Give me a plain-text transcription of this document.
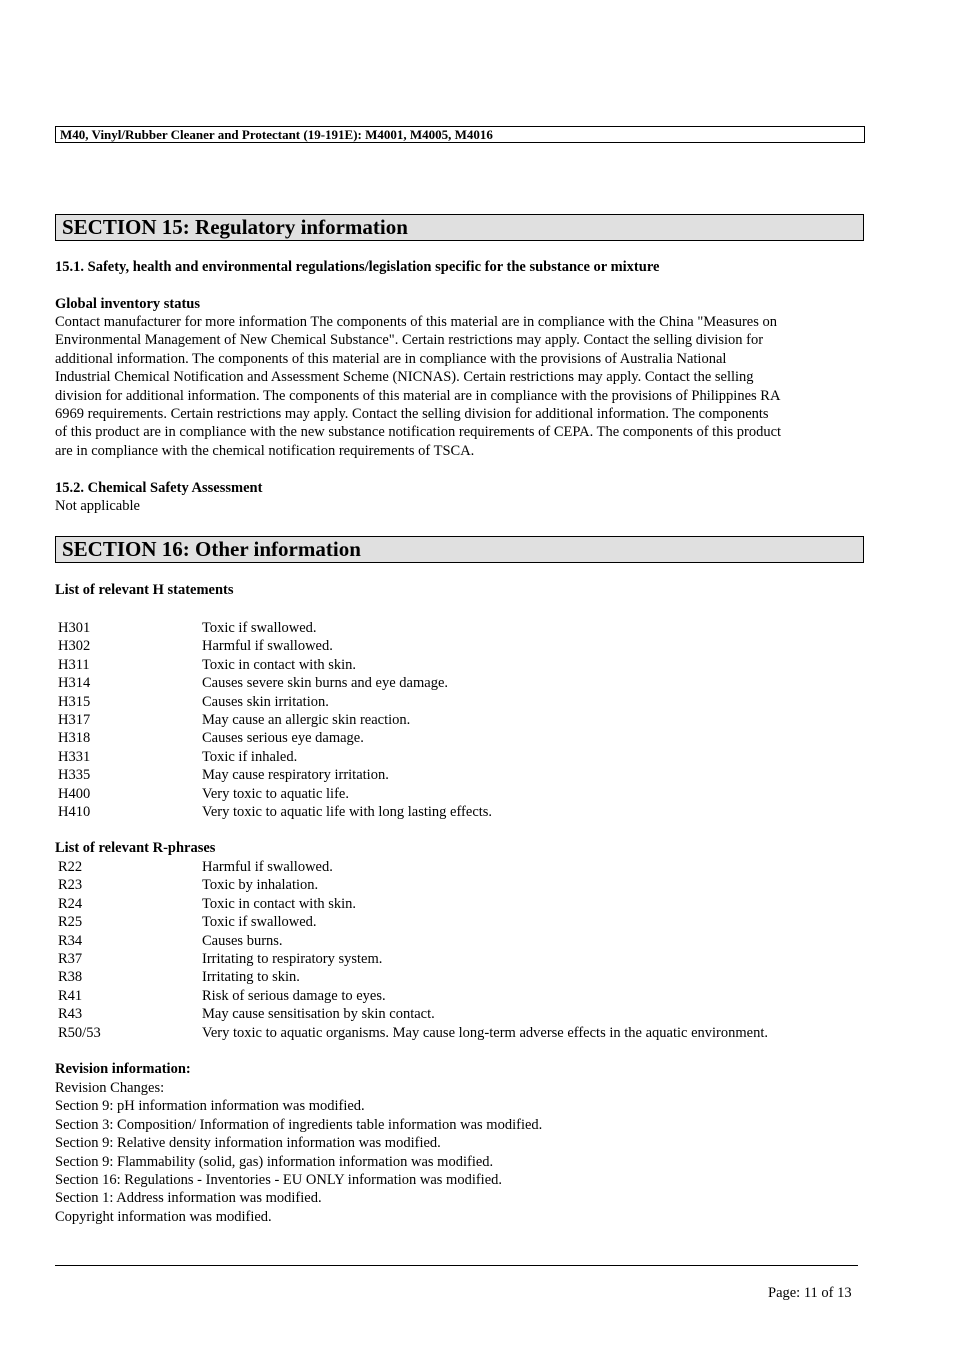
M40, Vinyl/Rubber Cleaner and Protectant (19-191E): M4001, M4005, M4016
SECTION 15: Regulatory information
15.1. Safety, health and environmental regulations/legislation specific for the substance or mixture
Global inventory status
Contact manufacturer for more information The components of this material are in compliance with the China "Measures on
Environmental Management of New Chemical Substance". Certain restrictions may apply. Contact the selling division for
additional information. The components of this material are in compliance with the provisions of Australia National
Industrial Chemical Notification and Assessment Scheme (NICNAS). Certain restrictions may apply. Contact the selling
division for additional information. The components of this material are in compliance with the provisions of Philippines RA
6969 requirements. Certain restrictions may apply. Contact the selling division for additional information. The components
of this product are in compliance with the new substance notification requirements of CEPA. The components of this product
are in compliance with the chemical notification requirements of TSCA.
15.2. Chemical Safety Assessment
Not applicable
SECTION 16: Other information
List of relevant H statements
H301	Toxic if swallowed.
H302	Harmful if swallowed.
H311	Toxic in contact with skin.
H314	Causes severe skin burns and eye damage.
H315	Causes skin irritation.
H317	May cause an allergic skin reaction.
H318	Causes serious eye damage.
H331	Toxic if inhaled.
H335	May cause respiratory irritation.
H400	Very toxic to aquatic life.
H410	Very toxic to aquatic life with long lasting effects.
List of relevant R-phrases
R22	Harmful if swallowed.
R23	Toxic by inhalation.
R24	Toxic in contact with skin.
R25	Toxic if swallowed.
R34	Causes burns.
R37	Irritating to respiratory system.
R38	Irritating to skin.
R41	Risk of serious damage to eyes.
R43	May cause sensitisation by skin contact.
R50/53	Very toxic to aquatic organisms. May cause long-term adverse effects in the aquatic environment.
Revision information:
Revision Changes:
Section 9: pH information information was modified.
Section 3: Composition/ Information of ingredients table information was modified.
Section 9: Relative density information information was modified.
Section 9: Flammability (solid, gas) information information was modified.
Section 16: Regulations - Inventories - EU ONLY information was modified.
Section 1: Address information was modified.
Copyright information was modified.
Page: 11 of 13
